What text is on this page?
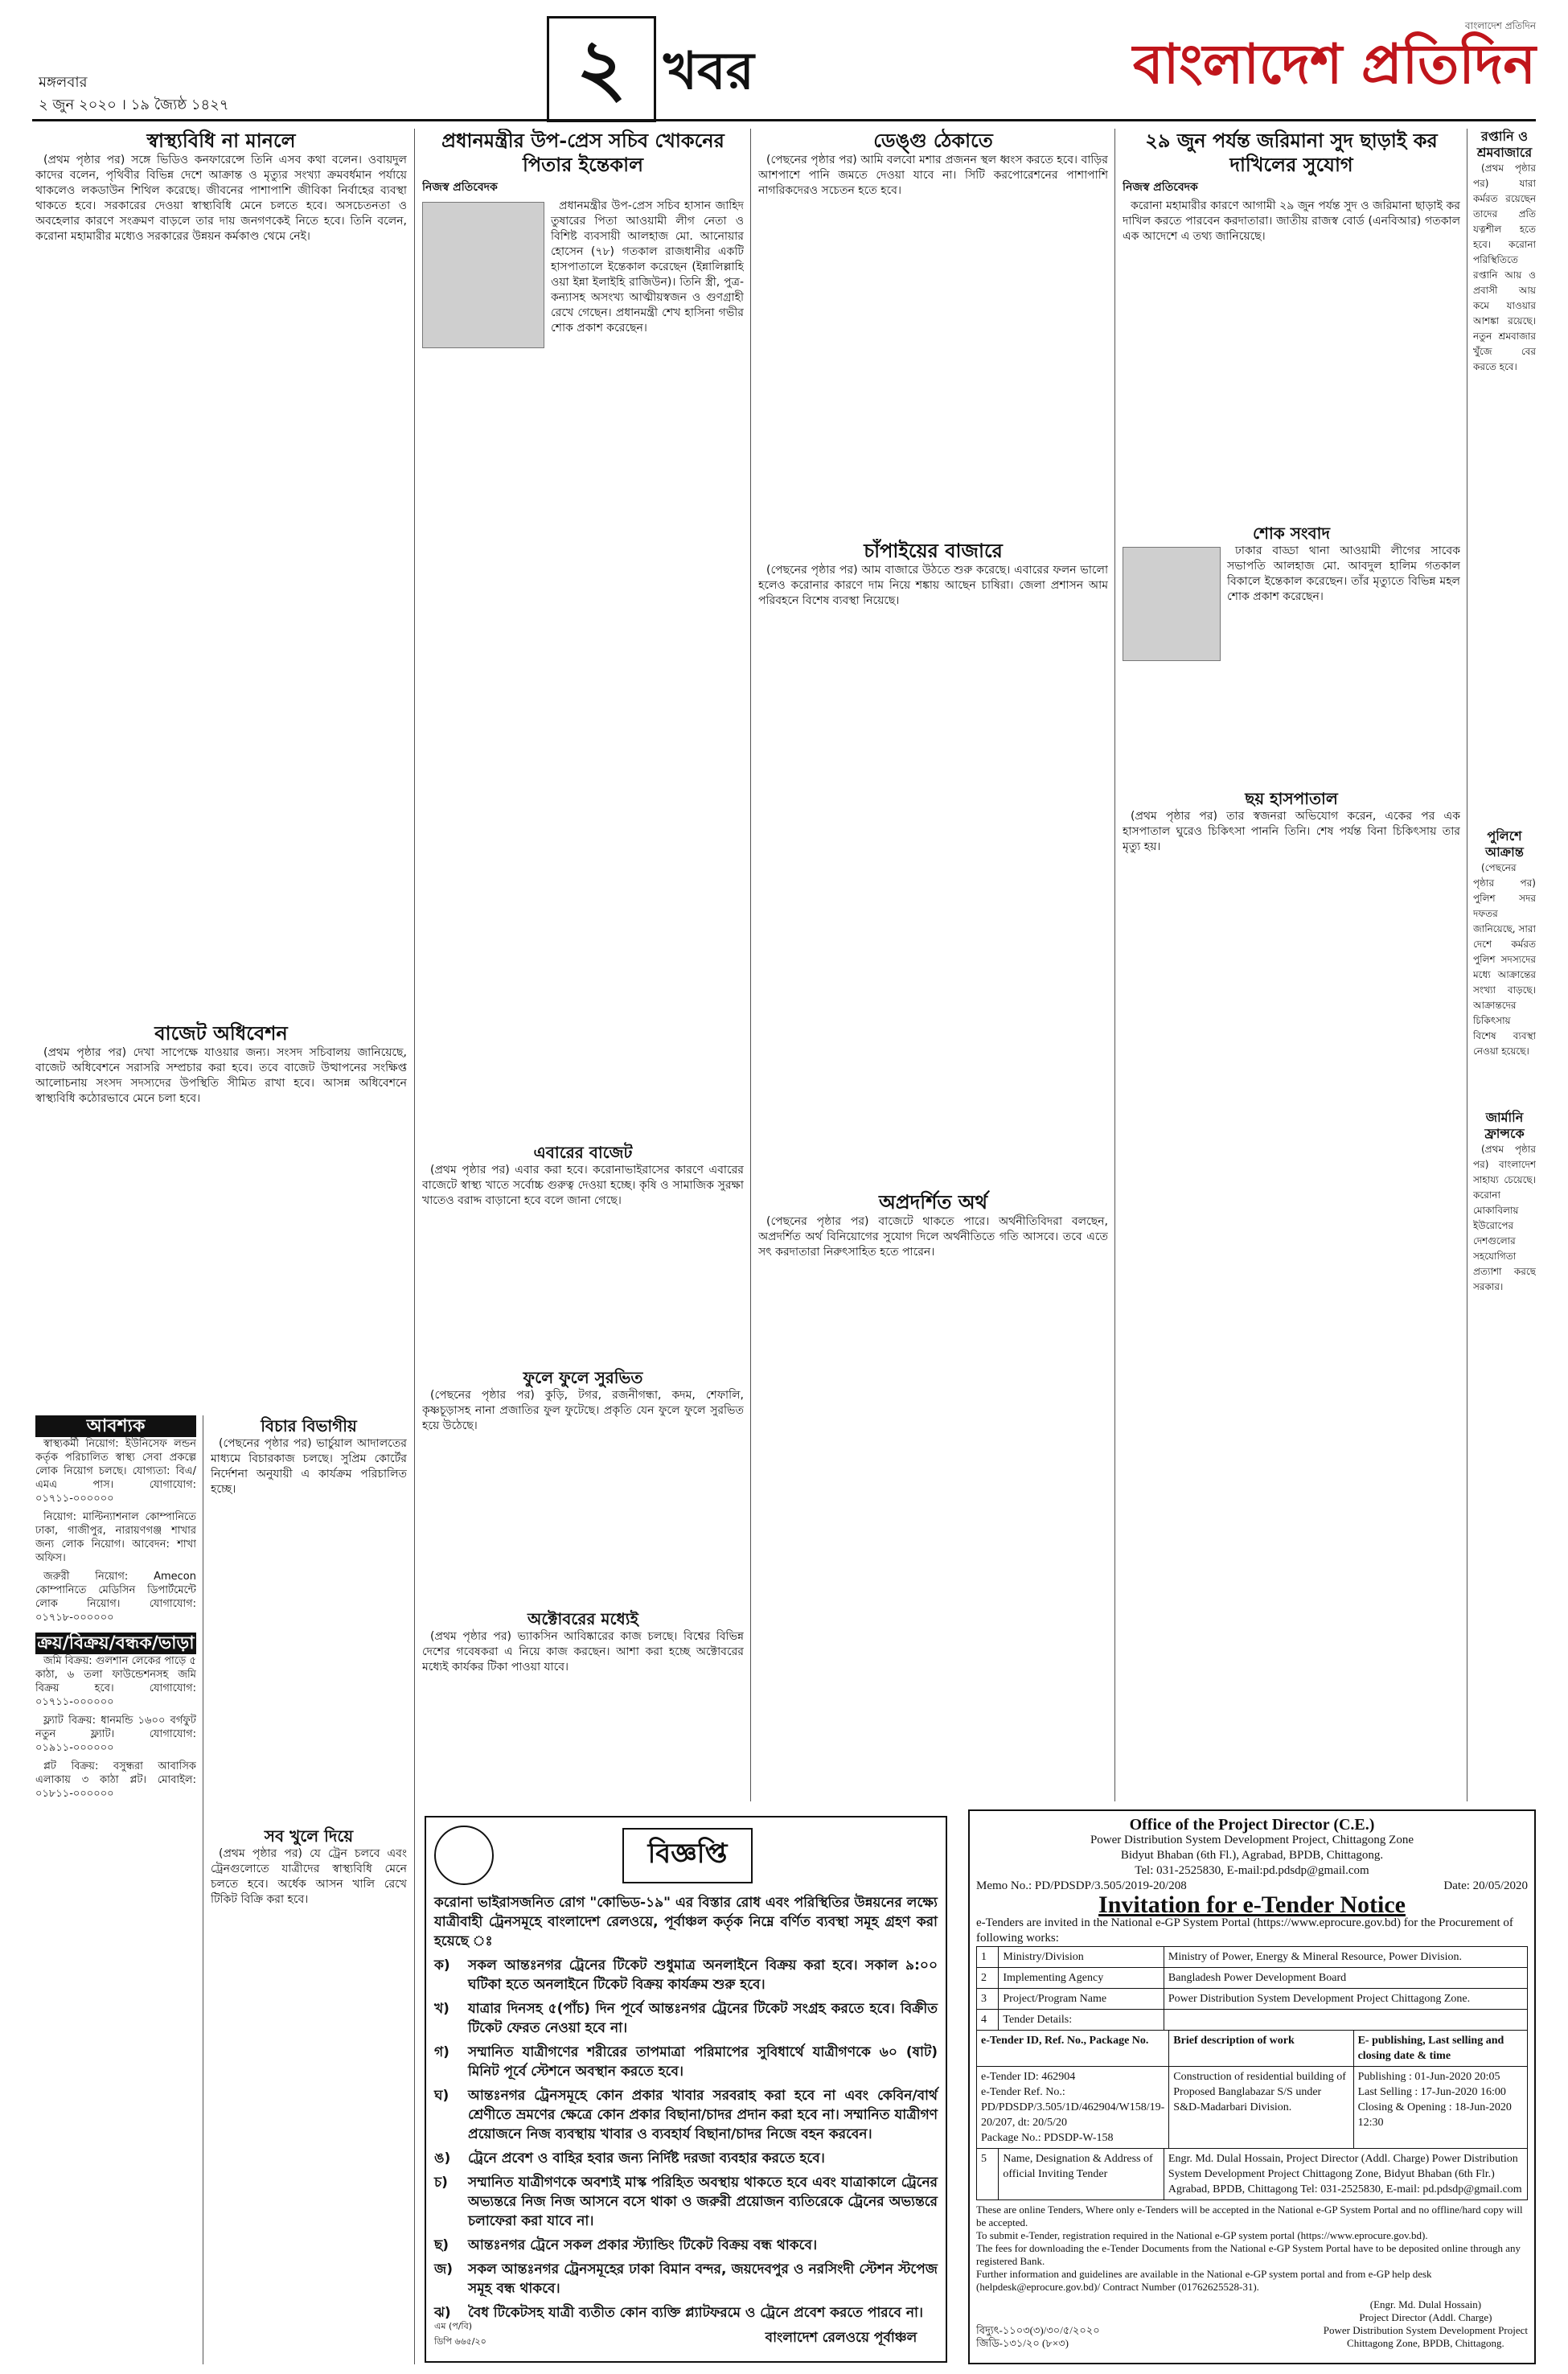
মঙ্গলবার
২ জুন ২০২০ । ১৯ জ্যৈষ্ঠ ১৪২৭	২ খবর
বাংলাদেশ প্রতিদিন
বাংলাদেশ প্রতিদিন
স্বাস্থ্যবিধি না মানলে

(প্রথম পৃষ্ঠার পর) সঙ্গে ভিডিও কনফারেন্সে তিনি এসব কথা বলেন। ওবায়দুল কাদের বলেন, পৃথিবীর বিভিন্ন দেশে আক্রান্ত ও মৃত্যুর সংখ্যা ক্রমবর্ধমান পর্যায়ে থাকলেও লকডাউন শিথিল করেছে। জীবনের পাশাপাশি জীবিকা নির্বাহের ব্যবস্থা থাকতে হবে। সরকারের দেওয়া স্বাস্থ্যবিধি মেনে চলতে হবে। অসচেতনতা ও অবহেলার কারণে সংক্রমণ বাড়লে তার দায় জনগণকেই নিতে হবে। তিনি বলেন, করোনা মহামারীর মধ্যেও সরকারের উন্নয়ন কর্মকাণ্ড থেমে নেই।

বাজেট অধিবেশন

(প্রথম পৃষ্ঠার পর) দেখা সাপেক্ষে যাওয়ার জন্য। সংসদ সচিবালয় জানিয়েছে, বাজেট অধিবেশনে সরাসরি সম্প্রচার করা হবে। তবে বাজেট উত্থাপনের সংক্ষিপ্ত আলোচনায় সংসদ সদস্যদের উপস্থিতি সীমিত রাখা হবে। আসন্ন অধিবেশনে স্বাস্থ্যবিধি কঠোরভাবে মেনে চলা হবে।

আবশ্যক

স্বাস্থ্যকর্মী নিয়োগ: ইউনিসেফ লন্ডন কর্তৃক পরিচালিত স্বাস্থ্য সেবা প্রকল্পে লোক নিয়োগ চলছে। যোগ্যতা: বিএ/এমএ পাস। যোগাযোগ: ০১৭১১-০০০০০০

নিয়োগ: মাল্টিন্যাশনাল কোম্পানিতে ঢাকা, গাজীপুর, নারায়ণগঞ্জ শাখার জন্য লোক নিয়োগ। আবেদন: শাখা অফিস।

জরুরী নিয়োগ: Amecon কোম্পানিতে মেডিসিন ডিপার্টমেন্টে লোক নিয়োগ। যোগাযোগ: ০১৭১৮-০০০০০০

ক্রয়/বিক্রয়/বন্ধক/ভাড়া

জমি বিক্রয়: গুলশান লেকের পাড়ে ৫ কাঠা, ৬ তলা ফাউন্ডেশনসহ জমি বিক্রয় হবে। যোগাযোগ: ০১৭১১-০০০০০০

ফ্ল্যাট বিক্রয়: ধানমন্ডি ১৬০০ বর্গফুট নতুন ফ্ল্যাট। যোগাযোগ: ০১৯১১-০০০০০০

প্লট বিক্রয়: বসুন্ধরা আবাসিক এলাকায় ৩ কাঠা প্লট। মোবাইল: ০১৮১১-০০০০০০

বিচার বিভাগীয়

(পেছনের পৃষ্ঠার পর) ভার্চুয়াল আদালতের মাধ্যমে বিচারকাজ চলছে। সুপ্রিম কোর্টের নির্দেশনা অনুযায়ী এ কার্যক্রম পরিচালিত হচ্ছে।

সব খুলে দিয়ে

(প্রথম পৃষ্ঠার পর) যে ট্রেন চলবে এবং ট্রেনগুলোতে যাত্রীদের স্বাস্থ্যবিধি মেনে চলতে হবে। অর্ধেক আসন খালি রেখে টিকিট বিক্রি করা হবে।

প্রধানমন্ত্রীর উপ-প্রেস সচিব খোকনের পিতার ইন্তেকাল
নিজস্ব প্রতিবেদক

প্রধানমন্ত্রীর উপ-প্রেস সচিব হাসান জাহিদ তুষারের পিতা আওয়ামী লীগ নেতা ও বিশিষ্ট ব্যবসায়ী আলহাজ মো. আনোয়ার হোসেন (৭৮) গতকাল রাজধানীর একটি হাসপাতালে ইন্তেকাল করেছেন (ইন্নালিল্লাহি ওয়া ইন্না ইলাইহি রাজিউন)। তিনি স্ত্রী, পুত্র-কন্যাসহ অসংখ্য আত্মীয়স্বজন ও গুণগ্রাহী রেখে গেছেন। প্রধানমন্ত্রী শেখ হাসিনা গভীর শোক প্রকাশ করেছেন।

এবারের বাজেট

(প্রথম পৃষ্ঠার পর) এবার করা হবে। করোনাভাইরাসের কারণে এবারের বাজেটে স্বাস্থ্য খাতে সর্বোচ্চ গুরুত্ব দেওয়া হচ্ছে। কৃষি ও সামাজিক সুরক্ষা খাতেও বরাদ্দ বাড়ানো হবে বলে জানা গেছে।

ফুলে ফুলে সুরভিত

(পেছনের পৃষ্ঠার পর) কুড়ি, টগর, রজনীগন্ধা, কদম, শেফালি, কৃষ্ণচূড়াসহ নানা প্রজাতির ফুল ফুটেছে। প্রকৃতি যেন ফুলে ফুলে সুরভিত হয়ে উঠেছে।

অক্টোবরের মধ্যেই

(প্রথম পৃষ্ঠার পর) ভ্যাকসিন আবিষ্কারের কাজ চলছে। বিশ্বের বিভিন্ন দেশের গবেষকরা এ নিয়ে কাজ করছেন। আশা করা হচ্ছে অক্টোবরের মধ্যেই কার্যকর টিকা পাওয়া যাবে।

ডেঙ্গু ঠেকাতে

(পেছনের পৃষ্ঠার পর) আমি বলবো মশার প্রজনন স্থল ধ্বংস করতে হবে। বাড়ির আশপাশে পানি জমতে দেওয়া যাবে না। সিটি করপোরেশনের পাশাপাশি নাগরিকদেরও সচেতন হতে হবে।

চাঁপাইয়ের বাজারে

(পেছনের পৃষ্ঠার পর) আম বাজারে উঠতে শুরু করেছে। এবারের ফলন ভালো হলেও করোনার কারণে দাম নিয়ে শঙ্কায় আছেন চাষিরা। জেলা প্রশাসন আম পরিবহনে বিশেষ ব্যবস্থা নিয়েছে।

অপ্রদর্শিত অর্থ

(পেছনের পৃষ্ঠার পর) বাজেটে থাকতে পারে। অর্থনীতিবিদরা বলছেন, অপ্রদর্শিত অর্থ বিনিয়োগের সুযোগ দিলে অর্থনীতিতে গতি আসবে। তবে এতে সৎ করদাতারা নিরুৎসাহিত হতে পারেন।

২৯ জুন পর্যন্ত জরিমানা সুদ ছাড়াই কর দাখিলের সুযোগ
নিজস্ব প্রতিবেদক

করোনা মহামারীর কারণে আগামী ২৯ জুন পর্যন্ত সুদ ও জরিমানা ছাড়াই কর দাখিল করতে পারবেন করদাতারা। জাতীয় রাজস্ব বোর্ড (এনবিআর) গতকাল এক আদেশে এ তথ্য জানিয়েছে।

শোক সংবাদ

ঢাকার বাড্ডা থানা আওয়ামী লীগের সাবেক সভাপতি আলহাজ মো. আবদুল হালিম গতকাল বিকালে ইন্তেকাল করেছেন। তাঁর মৃত্যুতে বিভিন্ন মহল শোক প্রকাশ করেছেন।

ছয় হাসপাতাল

(প্রথম পৃষ্ঠার পর) তার স্বজনরা অভিযোগ করেন, একের পর এক হাসপাতাল ঘুরেও চিকিৎসা পাননি তিনি। শেষ পর্যন্ত বিনা চিকিৎসায় তার মৃত্যু হয়।

রপ্তানি ও শ্রমবাজারে

(প্রথম পৃষ্ঠার পর) যারা কর্মরত রয়েছেন তাদের প্রতি যত্নশীল হতে হবে। করোনা পরিস্থিতিতে রপ্তানি আয় ও প্রবাসী আয় কমে যাওয়ার আশঙ্কা রয়েছে। নতুন শ্রমবাজার খুঁজে বের করতে হবে।

পুলিশে আক্রান্ত

(পেছনের পৃষ্ঠার পর) পুলিশ সদর দফতর জানিয়েছে, সারা দেশে কর্মরত পুলিশ সদস্যদের মধ্যে আক্রান্তের সংখ্যা বাড়ছে। আক্রান্তদের চিকিৎসায় বিশেষ ব্যবস্থা নেওয়া হয়েছে।

জার্মানি ফ্রান্সকে

(প্রথম পৃষ্ঠার পর) বাংলাদেশ সাহায্য চেয়েছে। করোনা মোকাবিলায় ইউরোপের দেশগুলোর সহযোগিতা প্রত্যাশা করছে সরকার।

বিজ্ঞপ্তি
করোনা ভাইরাসজনিত রোগ "কোভিড-১৯" এর বিস্তার রোধ এবং পরিস্থিতির উন্নয়নের লক্ষ্যে যাত্রীবাহী ট্রেনসমূহে বাংলাদেশ রেলওয়ে, পূর্বাঞ্চল কর্তৃক নিম্নে বর্ণিত ব্যবস্থা সমূহ গ্রহণ করা হয়েছে ঃ
ক)	সকল আন্তঃনগর ট্রেনের টিকেট শুধুমাত্র অনলাইনে বিক্রয় করা হবে। সকাল ৯:০০ ঘটিকা হতে অনলাইনে টিকেট বিক্রয় কার্যক্রম শুরু হবে।
খ)	যাত্রার দিনসহ ৫(পাঁচ) দিন পূর্বে আন্তঃনগর ট্রেনের টিকেট সংগ্রহ করতে হবে। বিক্রীত টিকেট ফেরত নেওয়া হবে না।
গ)	সম্মানিত যাত্রীগণের শরীরের তাপমাত্রা পরিমাপের সুবিধার্থে যাত্রীগণকে ৬০ (ষাট) মিনিট পূর্বে স্টেশনে অবস্থান করতে হবে।
ঘ)	আন্তঃনগর ট্রেনসমূহে কোন প্রকার খাবার সরবরাহ করা হবে না এবং কেবিন/বার্থ শ্রেণীতে ভ্রমণের ক্ষেত্রে কোন প্রকার বিছানা/চাদর প্রদান করা হবে না। সম্মানিত যাত্রীগণ প্রয়োজনে নিজ ব্যবস্থায় খাবার ও ব্যবহার্য বিছানা/চাদর নিজে বহন করবেন।
ঙ)	ট্রেনে প্রবেশ ও বাহির হবার জন্য নির্দিষ্ট দরজা ব্যবহার করতে হবে।
চ)	সম্মানিত যাত্রীগণকে অবশ্যই মাস্ক পরিহিত অবস্থায় থাকতে হবে এবং যাত্রাকালে ট্রেনের অভ্যন্তরে নিজ নিজ আসনে বসে থাকা ও জরুরী প্রয়োজন ব্যতিরেকে ট্রেনের অভ্যন্তরে চলাফেরা করা যাবে না।
ছ)	আন্তঃনগর ট্রেনে সকল প্রকার স্ট্যান্ডিং টিকেট বিক্রয় বন্ধ থাকবে।
জ)	সকল আন্তঃনগর ট্রেনসমূহের ঢাকা বিমান বন্দর, জয়দেবপুর ও নরসিংদী স্টেশন স্টপেজ সমূহ বন্ধ থাকবে।
ঝ)	বৈধ টিকেটসহ যাত্রী ব্যতীত কোন ব্যক্তি প্ল্যাটফরমে ও ট্রেনে প্রবেশ করতে পারবে না।
এম (প/বি)
ডিপি ৬৬৫/২০	বাংলাদেশ রেলওয়ে পূর্বাঞ্চল
Office of the Project Director (C.E.)
Power Distribution System Development Project, Chittagong Zone
Bidyut Bhaban (6th Fl.), Agrabad, BPDB, Chittagong.
Tel: 031-2525830, E-mail:pd.pdsdp@gmail.com
Memo No.: PD/PDSDP/3.505/2019-20/208	Date: 20/05/2020
Invitation for e-Tender Notice
e-Tenders are invited in the National e-GP System Portal (https://www.eprocure.gov.bd) for the Procurement of following works:
1	Ministry/Division	Ministry of Power, Energy & Mineral Resource, Power Division.
2	Implementing Agency	Bangladesh Power Development Board
3	Project/Program Name	Power Distribution System Development Project Chittagong Zone.
4	Tender Details:	
e-Tender ID, Ref. No., Package No.	Brief description of work	E- publishing, Last selling and closing date & time
e-Tender ID: 462904
e-Tender Ref. No.: PD/PDSDP/3.505/1D/462904/W158/19-20/207, dt: 20/5/20
Package No.: PDSDP-W-158	Construction of residential building of Proposed Banglabazar S/S under S&D-Madarbari Division.	Publishing : 01-Jun-2020 20:05
Last Selling : 17-Jun-2020 16:00
Closing & Opening : 18-Jun-2020 12:30
5	Name, Designation & Address of official Inviting Tender	Engr. Md. Dulal Hossain, Project Director (Addl. Charge) Power Distribution System Development Project Chittagong Zone, Bidyut Bhaban (6th Flr.) Agrabad, BPDB, Chittagong Tel: 031-2525830, E-mail: pd.pdsdp@gmail.com
These are online Tenders, Where only e-Tenders will be accepted in the National e-GP System Portal and no offline/hard copy will be accepted.
To submit e-Tender, registration required in the National e-GP system portal (https://www.eprocure.gov.bd).
The fees for downloading the e-Tender Documents from the National e-GP System Portal have to be deposited online through any registered Bank.
Further information and guidelines are available in the National e-GP system portal and from e-GP help desk (helpdesk@eprocure.gov.bd)/ Contract Number (01762625528-31).
বিদ্যুৎ-১১০৩(৩)/৩০/৫/২০২০
জিডি-১৩১/২০ (৮×৩)
(Engr. Md. Dulal Hossain)
Project Director (Addl. Charge)
Power Distribution System Development Project
Chittagong Zone, BPDB, Chittagong.
